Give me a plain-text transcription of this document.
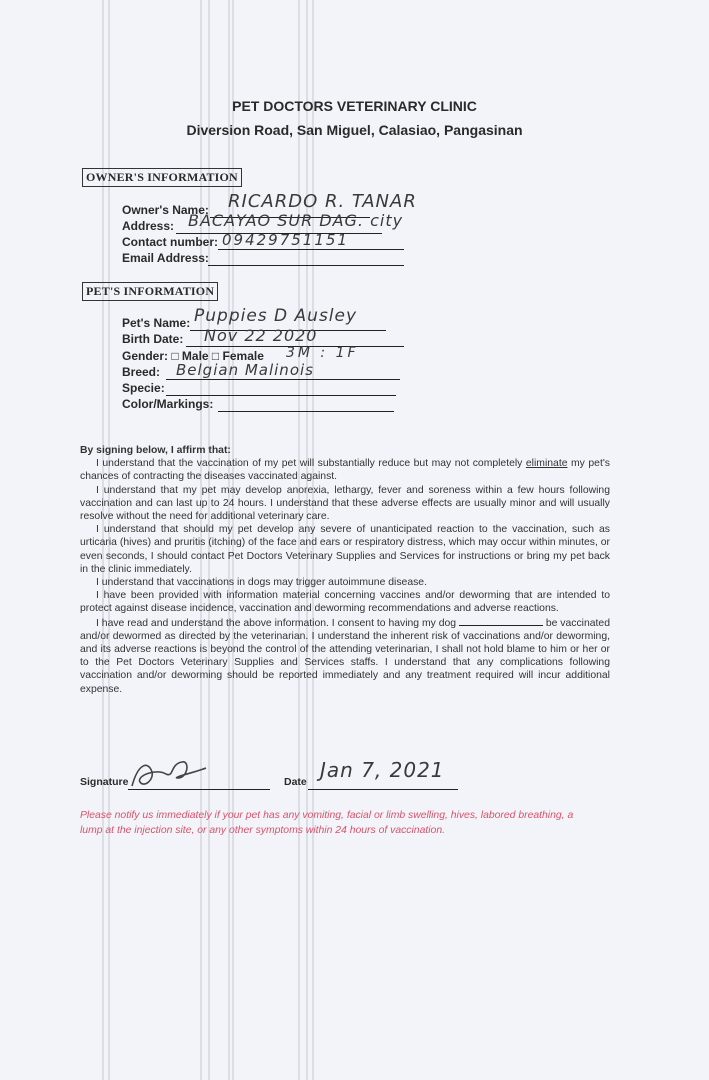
PET DOCTORS VETERINARY CLINIC
Diversion Road, San Miguel, Calasiao, Pangasinan
OWNER'S INFORMATION
Owner's Name: RICARDO R. TANAR
Address: BACAYAO SUR DAG. city
Contact number: 09429751151
Email Address:
PET'S INFORMATION
Pet's Name: Puppies D Ausley
Birth Date: Nov 22 2020
Gender: □ Male □ Female 3M : 1F
Breed: Belgian Malinois
Specie:
Color/Markings:

By signing below, I affirm that:

I understand that the vaccination of my pet will substantially reduce but may not completely eliminate my pet's chances of contracting the diseases vaccinated against.

I understand that my pet may develop anorexia, lethargy, fever and soreness within a few hours following vaccination and can last up to 24 hours. I understand that these adverse effects are usually minor and will usually resolve without the need for additional veterinary care.

I understand that should my pet develop any severe of unanticipated reaction to the vaccination, such as urticaria (hives) and pruritis (itching) of the face and ears or respiratory distress, which may occur within minutes, or even seconds, I should contact Pet Doctors Veterinary Supplies and Services for instructions or bring my pet back in the clinic immediately.

I understand that vaccinations in dogs may trigger autoimmune disease.

I have been provided with information material concerning vaccines and/or deworming that are intended to protect against disease incidence, vaccination and deworming recommendations and adverse reactions.

I have read and understand the above information. I consent to having my dog	be vaccinated and/or dewormed as directed by the veterinarian. I understand the inherent risk of vaccinations and/or deworming, and its adverse reactions is beyond the control of the attending veterinarian, I shall not hold blame to him or her or to the Pet Doctors Veterinary Supplies and Services staffs. I understand that any complications following vaccination and/or deworming should be reported immediately and any treatment required will incur additional expense.

Signature	Date Jan 7, 2021
Please notify us immediately if your pet has any vomiting, facial or limb swelling, hives, labored breathing, a lump at the injection site, or any other symptoms within 24 hours of vaccination.
